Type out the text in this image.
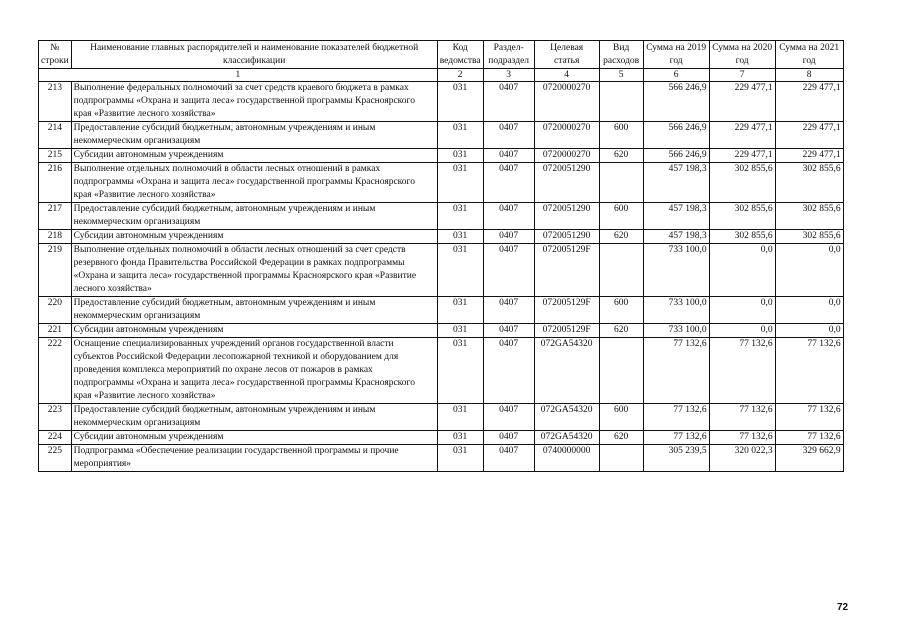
№ строки	Наименование главных распорядителей и наименование показателей бюджетной классификации	Код ведомства	Раздел-подраздел	Целевая статья	Вид расходов	Сумма на 2019 год	Сумма на 2020 год	Сумма на 2021 год
1		2	3	4	5	6	7	8
213	Выполнение федеральных полномочий за счет средств краевого бюджета в рамках подпрограммы «Охрана и защита леса» государственной программы Красноярского края «Развитие лесного хозяйства»	031	0407	0720000270		566 246,9	229 477,1	229 477,1
214	Предоставление субсидий бюджетным, автономным учреждениям и иным некоммерческим организациям	031	0407	0720000270	600	566 246,9	229 477,1	229 477,1
215	Субсидии автономным учреждениям	031	0407	0720000270	620	566 246,9	229 477,1	229 477,1
216	Выполнение отдельных полномочий в области лесных отношений в рамках подпрограммы «Охрана и защита леса» государственной программы Красноярского края «Развитие лесного хозяйства»	031	0407	0720051290		457 198,3	302 855,6	302 855,6
217	Предоставление субсидий бюджетным, автономным учреждениям и иным некоммерческим организациям	031	0407	0720051290	600	457 198,3	302 855,6	302 855,6
218	Субсидии автономным учреждениям	031	0407	0720051290	620	457 198,3	302 855,6	302 855,6
219	Выполнение отдельных полномочий в области лесных отношений за счет средств резервного фонда Правительства Российской Федерации в рамках подпрограммы «Охрана и защита леса» государственной программы Красноярского края «Развитие лесного хозяйства»	031	0407	072005129F		733 100,0	0,0	0,0
220	Предоставление субсидий бюджетным, автономным учреждениям и иным некоммерческим организациям	031	0407	072005129F	600	733 100,0	0,0	0,0
221	Субсидии автономным учреждениям	031	0407	072005129F	620	733 100,0	0,0	0,0
222	Оснащение специализированных учреждений органов государственной власти субъектов Российской Федерации лесопожарной техникой и оборудованием для проведения комплекса мероприятий по охране лесов от пожаров в рамках подпрограммы «Охрана и защита леса» государственной программы Красноярского края «Развитие лесного хозяйства»	031	0407	072GA54320		77 132,6	77 132,6	77 132,6
223	Предоставление субсидий бюджетным, автономным учреждениям и иным некоммерческим организациям	031	0407	072GA54320	600	77 132,6	77 132,6	77 132,6
224	Субсидии автономным учреждениям	031	0407	072GA54320	620	77 132,6	77 132,6	77 132,6
225	Подпрограмма «Обеспечение реализации государственной программы и прочие мероприятия»	031	0407	0740000000		305 239,5	320 022,3	329 662,9
72
